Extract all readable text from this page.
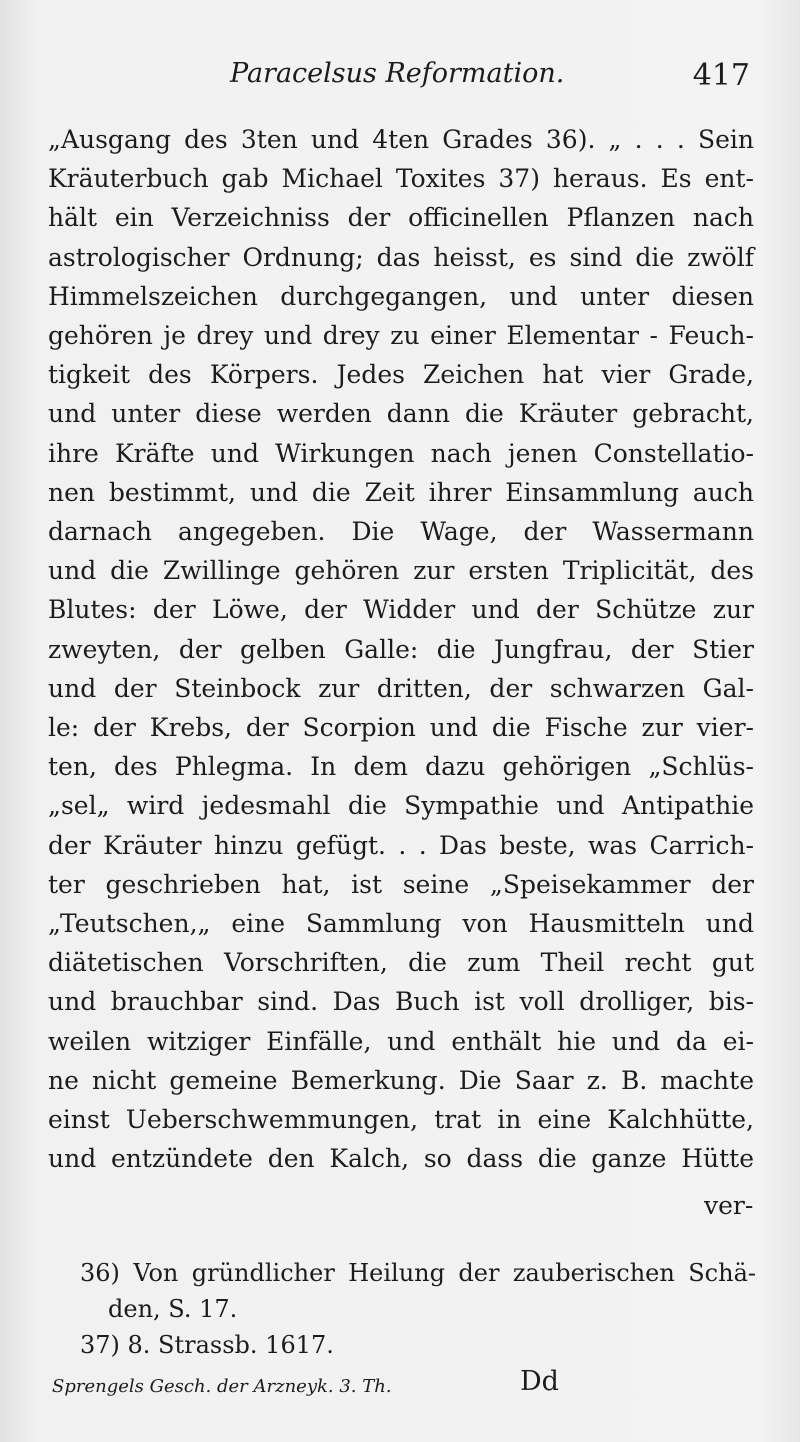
Paracelsus Reformation.	417
„Ausgang des 3ten und 4ten Grades 36). „ . . . Sein
Kräuterbuch gab Michael Toxites 37) heraus. Es ent-
hält ein Verzeichniss der officinellen Pflanzen nach
astrologischer Ordnung; das heisst, es sind die zwölf
Himmelszeichen durchgegangen, und unter diesen
gehören je drey und drey zu einer Elementar - Feuch-
tigkeit des Körpers. Jedes Zeichen hat vier Grade,
und unter diese werden dann die Kräuter gebracht,
ihre Kräfte und Wirkungen nach jenen Constellatio-
nen bestimmt, und die Zeit ihrer Einsammlung auch
darnach angegeben. Die Wage, der Wassermann
und die Zwillinge gehören zur ersten Triplicität, des
Blutes: der Löwe, der Widder und der Schütze zur
zweyten, der gelben Galle: die Jungfrau, der Stier
und der Steinbock zur dritten, der schwarzen Gal-
le: der Krebs, der Scorpion und die Fische zur vier-
ten, des Phlegma. In dem dazu gehörigen „Schlüs-
„sel„ wird jedesmahl die Sympathie und Antipathie
der Kräuter hinzu gefügt. . . Das beste, was Carrich-
ter geschrieben hat, ist seine „Speisekammer der
„Teutschen,„ eine Sammlung von Hausmitteln und
diätetischen Vorschriften, die zum Theil recht gut
und brauchbar sind. Das Buch ist voll drolliger, bis-
weilen witziger Einfälle, und enthält hie und da ei-
ne nicht gemeine Bemerkung. Die Saar z. B. machte
einst Ueberschwemmungen, trat in eine Kalchhütte,
und entzündete den Kalch, so dass die ganze Hütte
ver-
36) Von gründlicher Heilung der zauberischen Schä-
den, S. 17.
37) 8. Strassb. 1617.
Sprengels Gesch. der Arzneyk. 3. Th.	Dd
